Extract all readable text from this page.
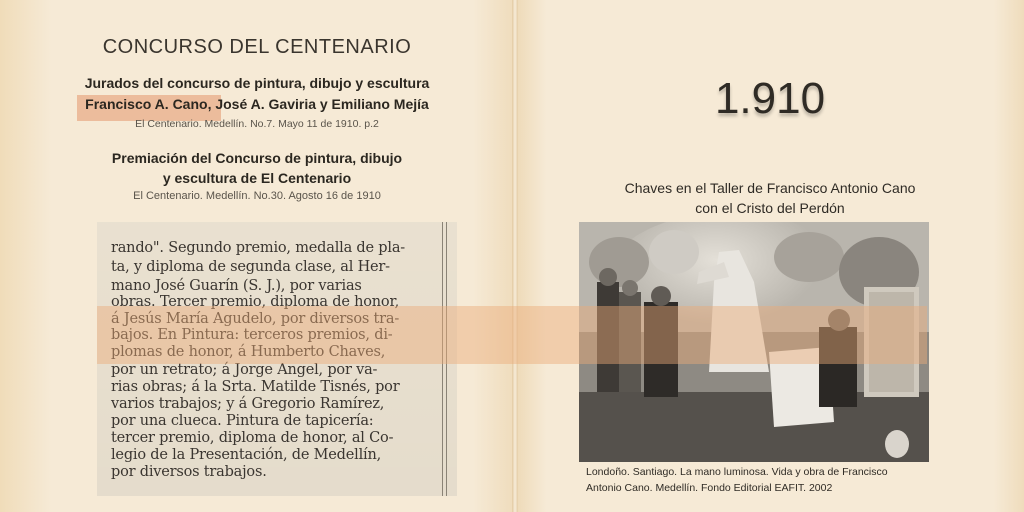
CONCURSO DEL CENTENARIO
Jurados del concurso de pintura, dibujo y escultura
Francisco A. Cano, José A. Gaviria y Emiliano Mejía
El Centenario. Medellín. No.7. Mayo 11 de 1910. p.2
Premiación del Concurso de pintura, dibujo
y escultura de El Centenario
El Centenario. Medellín. No.30. Agosto 16 de 1910
rando". Segundo premio, medalla de pla-
ta, y diploma de segunda clase, al Her-
mano José Guarín (S. J.), por varias
obras. Tercer premio, diploma de honor,
á Jesús María Agudelo, por diversos tra-
bajos. En Pintura: terceros premios, di-
plomas de honor, á Humberto Chaves,
por un retrato; á Jorge Angel, por va-
rias obras; á la Srta. Matilde Tisnés, por
varios trabajos; y á Gregorio Ramírez,
por una clueca. Pintura de tapicería:
tercer premio, diploma de honor, al Co-
legio de la Presentación, de Medellín,
por diversos trabajos.
1.910
Chaves en el Taller de Francisco Antonio Cano
con el Cristo del Perdón
Londoño. Santiago. La mano luminosa. Vida y obra de Francisco
Antonio Cano. Medellín. Fondo Editorial EAFIT. 2002
